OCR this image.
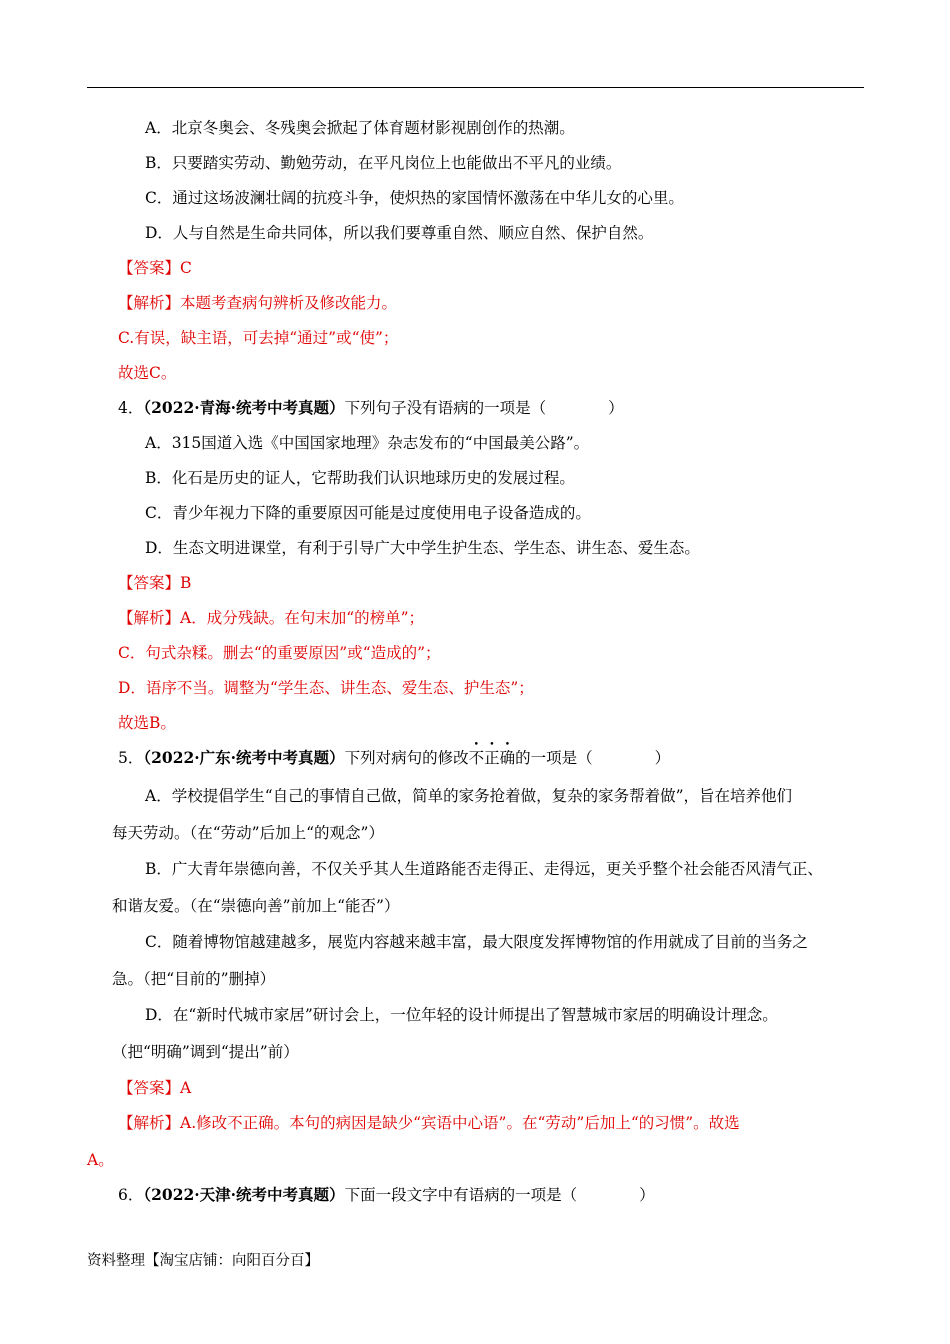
A．北京冬奥会、冬残奥会掀起了体育题材影视剧创作的热潮。
B．只要踏实劳动、勤勉劳动，在平凡岗位上也能做出不平凡的业绩。
C．通过这场波澜壮阔的抗疫斗争，使炽热的家国情怀激荡在中华儿女的心里。
D．人与自然是生命共同体，所以我们要尊重自然、顺应自然、保护自然。
【答案】C
【解析】本题考查病句辨析及修改能力。
C.有误，缺主语，可去掉“通过”或“使”；
故选C。
4．（2022·青海·统考中考真题）下列句子没有语病的一项是（　　　　）
A．315国道入选《中国国家地理》杂志发布的“中国最美公路”。
B．化石是历史的证人，它帮助我们认识地球历史的发展过程。
C．青少年视力下降的重要原因可能是过度使用电子设备造成的。
D．生态文明进课堂，有利于引导广大中学生护生态、学生态、讲生态、爱生态。
【答案】B
【解析】A．成分残缺。在句末加“的榜单”；
C．句式杂糅。删去“的重要原因”或“造成的”；
D．语序不当。调整为“学生态、讲生态、爱生态、护生态”；
故选B。
5．（2022·广东·统考中考真题）下列对病句的修改不正确的一项是（　　　　）
A．学校提倡学生“自己的事情自己做，简单的家务抢着做，复杂的家务帮着做”，旨在培养他们
每天劳动。（在“劳动”后加上“的观念”）
B．广大青年崇德向善，不仅关乎其人生道路能否走得正、走得远，更关乎整个社会能否风清气正、
和谐友爱。（在“崇德向善”前加上“能否”）
C．随着博物馆越建越多，展览内容越来越丰富，最大限度发挥博物馆的作用就成了目前的当务之
急。（把“目前的”删掉）
D．在“新时代城市家居”研讨会上，一位年轻的设计师提出了智慧城市家居的明确设计理念。
（把“明确”调到“提出”前）
【答案】A
【解析】A.修改不正确。本句的病因是缺少“宾语中心语”。在“劳动”后加上“的习惯”。故选
A。
6．（2022·天津·统考中考真题）下面一段文字中有语病的一项是（　　　　）
资料整理【淘宝店铺：向阳百分百】
